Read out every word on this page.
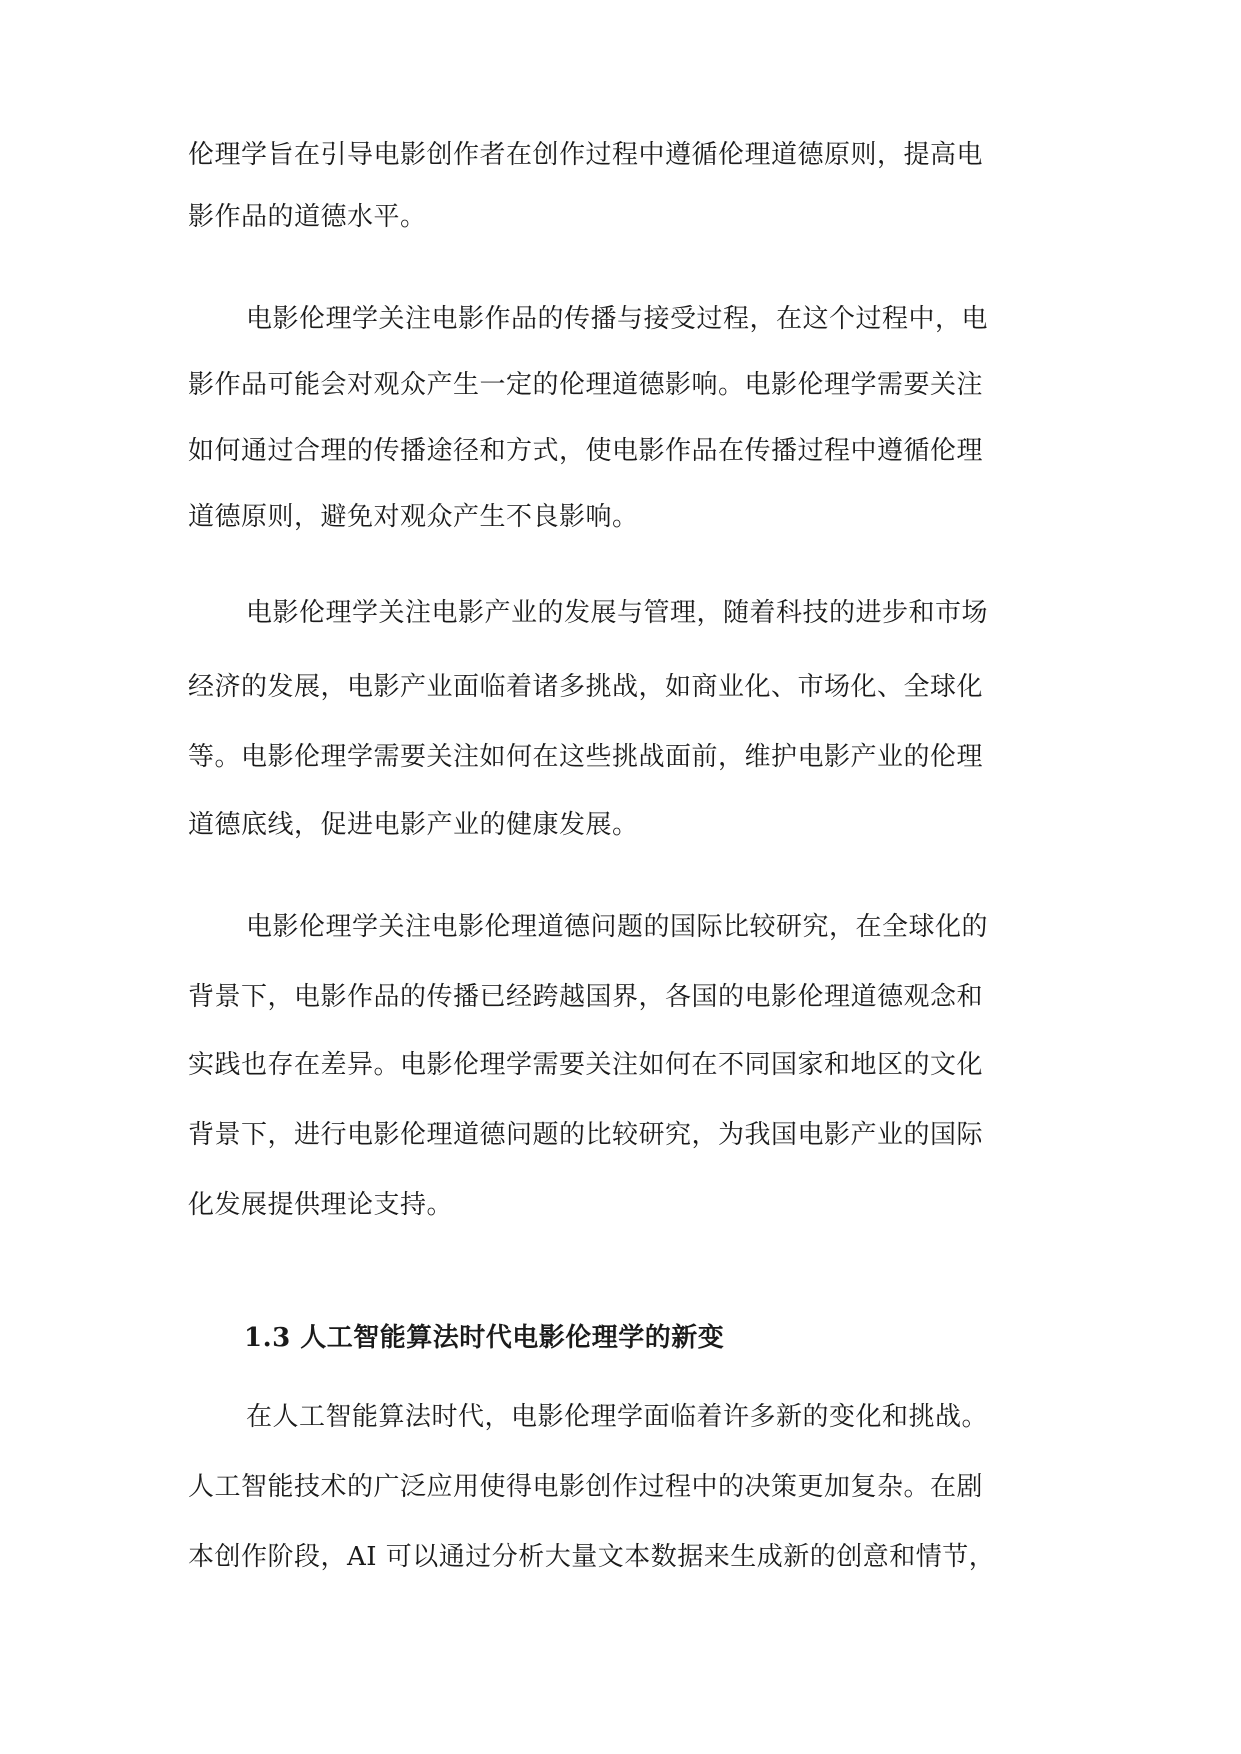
伦理学旨在引导电影创作者在创作过程中遵循伦理道德原则，提高电
影作品的道德水平。
电影伦理学关注电影作品的传播与接受过程，在这个过程中，电
影作品可能会对观众产生一定的伦理道德影响。电影伦理学需要关注
如何通过合理的传播途径和方式，使电影作品在传播过程中遵循伦理
道德原则，避免对观众产生不良影响。
电影伦理学关注电影产业的发展与管理，随着科技的进步和市场
经济的发展，电影产业面临着诸多挑战，如商业化、市场化、全球化
等。电影伦理学需要关注如何在这些挑战面前，维护电影产业的伦理
道德底线，促进电影产业的健康发展。
电影伦理学关注电影伦理道德问题的国际比较研究，在全球化的
背景下，电影作品的传播已经跨越国界，各国的电影伦理道德观念和
实践也存在差异。电影伦理学需要关注如何在不同国家和地区的文化
背景下，进行电影伦理道德问题的比较研究，为我国电影产业的国际
化发展提供理论支持。
1.3 人工智能算法时代电影伦理学的新变
在人工智能算法时代，电影伦理学面临着许多新的变化和挑战。
人工智能技术的广泛应用使得电影创作过程中的决策更加复杂。在剧
本创作阶段，AI 可以通过分析大量文本数据来生成新的创意和情节，
